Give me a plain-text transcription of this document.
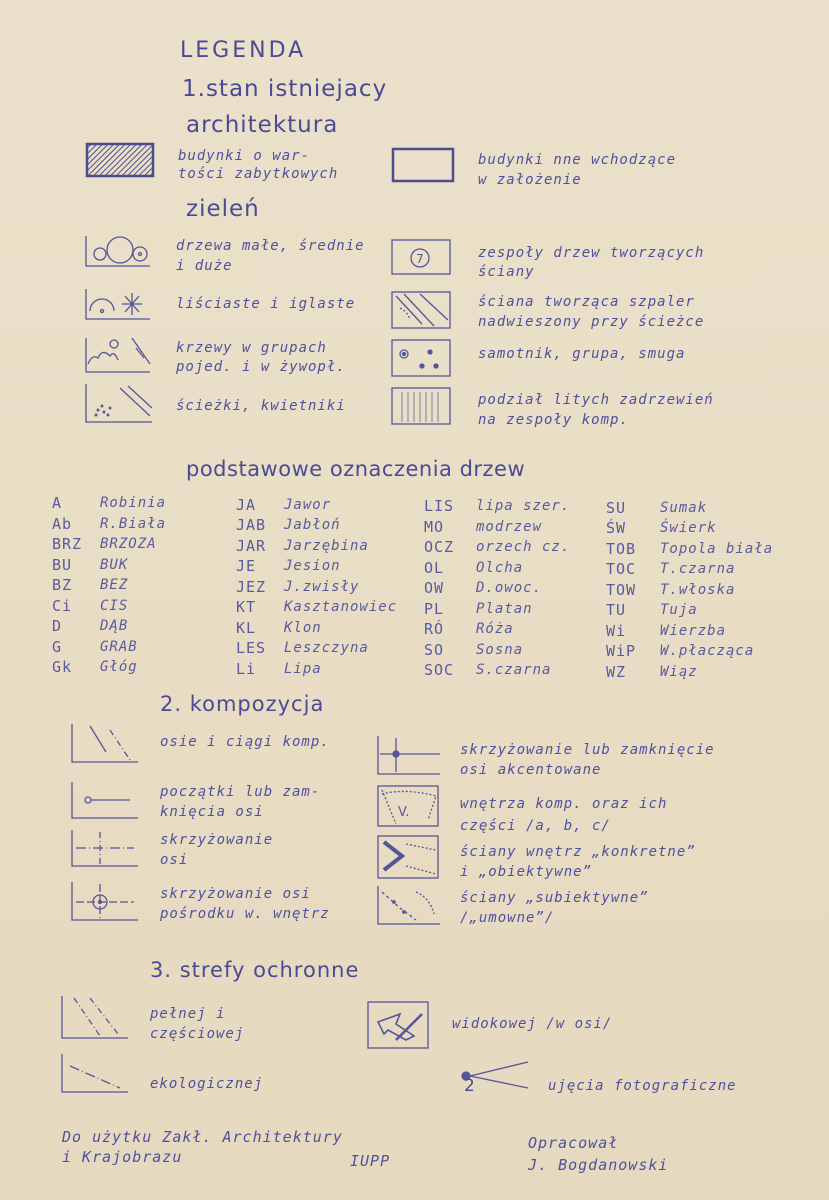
LEGENDA

1.stan istniejacy

architektura

budynki o war-

tości zabytkowych

budynki nne wchodzące

w założenie

zieleń

drzewa małe, średnie

i duże

liściaste i iglaste

krzewy w grupach

pojed. i w żywopł.

ścieżki, kwietniki

7	zespoły drzew tworzących

ściany

ściana tworząca szpaler

nadwieszony przy ścieżce

samotnik, grupa, smuga

podział litych zadrzewień

na zespoły komp.

podstawowe oznaczenia drzew

A	Robinia

Ab R.Biała

BRZ BRZOZA

BU BUK

BZ BEZ

Ci CIS

D	DĄB

G	GRAB

Gk Głóg

JA Jawor

JAB Jabłoń

JAR Jarzębina

JE Jesion

JEZ J.zwisły

KT Kasztanowiec

KL Klon

LES Leszczyna

Li Lipa

LIS lipa szer.

MO modrzew

OCZ orzech cz.

OL Olcha

OW D.owoc.

PL Platan

RÓ Róża

SO Sosna

SOC S.czarna

SU Sumak

ŚW Świerk

TOB Topola biała

TOC T.czarna

TOW T.włoska

TU Tuja

Wi Wierzba

WiP W.płacząca

WZ Wiąz

2. kompozycja

osie i ciągi komp.

początki lub zam-

knięcia osi

skrzyżowanie

osi

skrzyżowanie osi

pośrodku w. wnętrz

skrzyżowanie lub zamknięcie

osi akcentowane

V.

wnętrza komp. oraz ich

części /a, b, c/

ściany wnętrz „konkretne”

i „obiektywne”

ściany „subiektywne”

/„umowne”/

3. strefy ochronne

pełnej i

częściowej

ekologicznej

widokowej /w osi/

2	ujęcia fotograficzne

Do użytku Zakł. Architektury

i Krajobrazu	IUPP

Opracował

J. Bogdanowski
